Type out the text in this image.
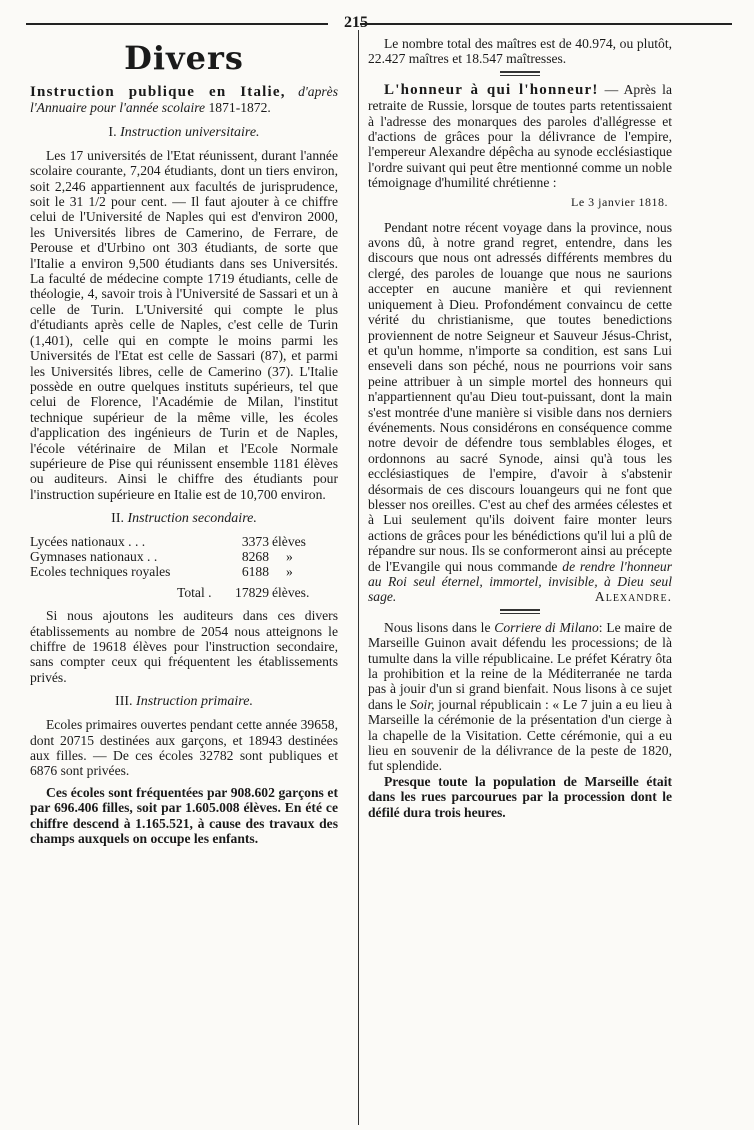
215
Divers

Instruction publique en Italie, d'après l'Annuaire pour l'année scolaire 1871-1872.

I. Instruction universitaire.

Les 17 universités de l'Etat réunissent, durant l'année scolaire courante, 7,204 étudiants, dont un tiers environ, soit 2,246 appartiennent aux facultés de jurisprudence, soit le 31 1/2 pour cent. — Il faut ajouter à ce chiffre celui de l'Université de Naples qui est d'environ 2000, les Universités libres de Camerino, de Ferrare, de Perouse et d'Urbino ont 303 étudiants, de sorte que l'Italie a environ 9,500 étudiants dans ses Universités. La faculté de médecine compte 1719 étudiants, celle de théologie, 4, savoir trois à l'Université de Sassari et un à celle de Turin. L'Université qui compte le plus d'étudiants après celle de Naples, c'est celle de Turin (1,401), celle qui en compte le moins parmi les Universités de l'Etat est celle de Sassari (87), et parmi les Universités libres, celle de Camerino (37). L'Italie possède en outre quelques instituts supérieurs, tel que celui de Florence, l'Académie de Milan, l'institut technique supérieur de la même ville, les écoles d'application des ingénieurs de Turin et de Naples, l'école vétérinaire de Milan et l'Ecole Normale supérieure de Pise qui réunissent ensemble 1181 élèves ou auditeurs. Ainsi le chiffre des étudiants pour l'instruction supérieure en Italie est de 10,700 environ.

II. Instruction secondaire.
Lycées nationaux . . .	3373	élèves
Gymnases nationaux . .	8268	»
Ecoles techniques royales	6188	»
Total .	17829	élèves.

Si nous ajoutons les auditeurs dans ces divers établissements au nombre de 2054 nous atteignons le chiffre de 19618 élèves pour l'instruction secondaire, sans compter ceux qui fréquentent les établissements privés.

III. Instruction primaire.

Ecoles primaires ouvertes pendant cette année 39658, dont 20715 destinées aux garçons, et 18943 destinées aux filles. — De ces écoles 32782 sont publiques et 6876 sont privées.

Ces écoles sont fréquentées par 908.602 garçons et par 696.406 filles, soit par 1.605.008 élèves. En été ce chiffre descend à 1.165.521, à cause des travaux des champs auxquels on occupe les enfants.

Le nombre total des maîtres est de 40.974, ou plutôt, 22.427 maîtres et 18.547 maîtresses.

L'honneur à qui l'honneur! — Après la retraite de Russie, lorsque de toutes parts retentissaient à l'adresse des monarques des paroles d'allégresse et d'actions de grâces pour la délivrance de l'empire, l'empereur Alexandre dépêcha au synode ecclésiastique l'ordre suivant qui peut être mentionné comme un noble témoignage d'humilité chrétienne :

Le 3 janvier 1818.

Pendant notre récent voyage dans la province, nous avons dû, à notre grand regret, entendre, dans les discours que nous ont adressés différents membres du clergé, des paroles de louange que nous ne saurions accepter en aucune manière et qui reviennent uniquement à Dieu. Profondément convaincu de cette vérité du christianisme, que toutes benedictions proviennent de notre Seigneur et Sauveur Jésus-Christ, et qu'un homme, n'importe sa condition, est sans Lui enseveli dans son péché, nous ne pourrions voir sans peine attribuer à un simple mortel des honneurs qui n'appartiennent qu'au Dieu tout-puissant, dont la main s'est montrée d'une manière si visible dans nos derniers événements. Nous considérons en conséquence comme notre devoir de défendre tous semblables éloges, et ordonnons au sacré Synode, ainsi qu'à tous les ecclésiastiques de l'empire, d'avoir à s'abstenir désormais de ces discours louangeurs qui ne font que blesser nos oreilles. C'est au chef des armées célestes et à Lui seulement qu'ils doivent faire monter leurs actions de grâces pour les bénédictions qu'il lui a plû de répandre sur nous. Ils se conformeront ainsi au précepte de l'Evangile qui nous commande de rendre l'honneur au Roi seul éternel, immortel, invisible, à Dieu seul sage.	Alexandre.

Nous lisons dans le Corriere di Milano: Le maire de Marseille Guinon avait défendu les processions; de là tumulte dans la ville républicaine. Le préfet Kératry ôta la prohibition et la reine de la Méditerranée ne tarda pas à jouir d'un si grand bienfait. Nous lisons à ce sujet dans le Soir, journal républicain : « Le 7 juin a eu lieu à Marseille la cérémonie de la présentation d'un cierge à la chapelle de la Visitation. Cette cérémonie, qui a eu lieu en souvenir de la délivrance de la peste de 1820, fut splendide.

Presque toute la population de Marseille était dans les rues parcourues par la procession dont le défilé dura trois heures.
